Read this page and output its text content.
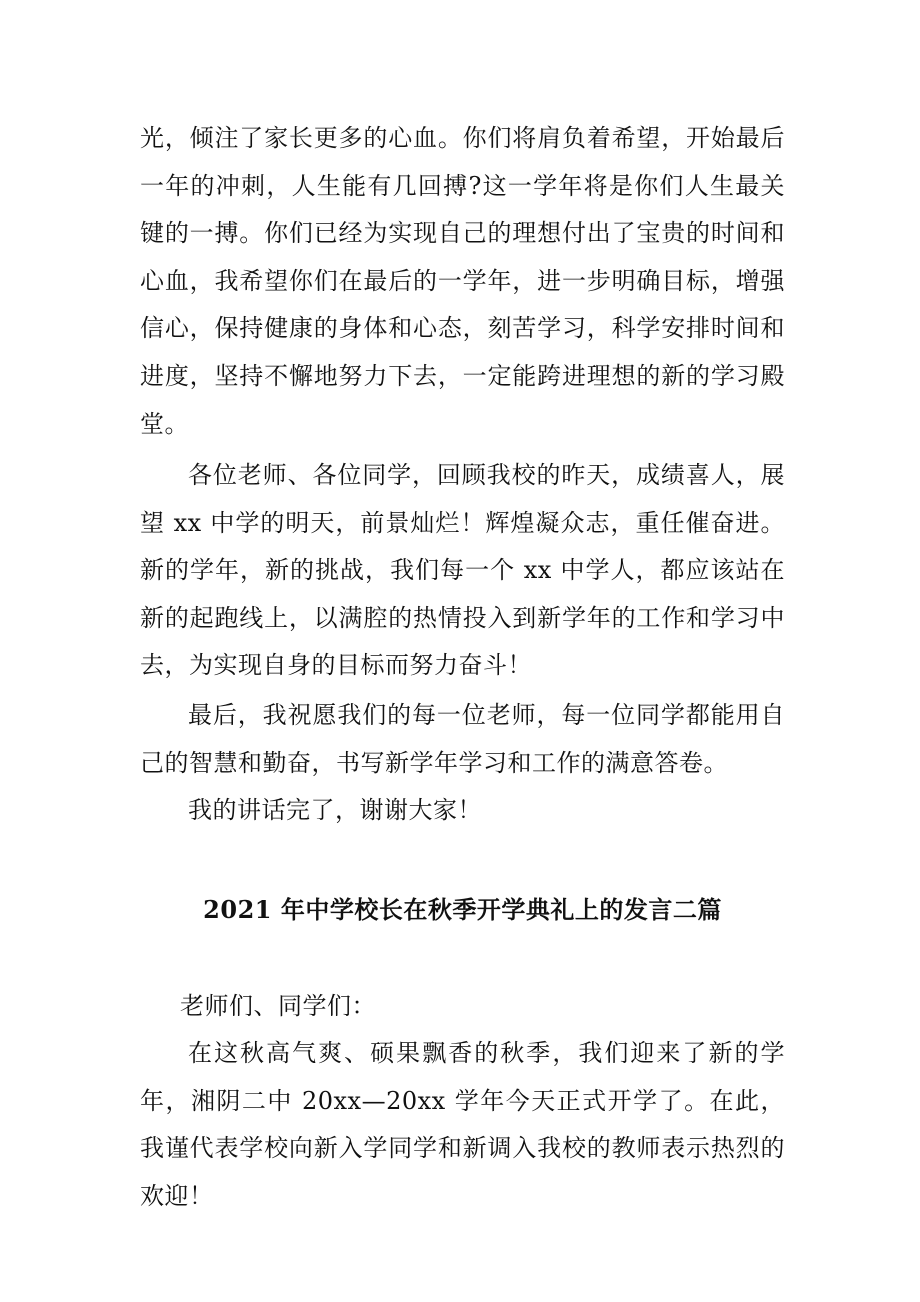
光，倾注了家长更多的心血。你们将肩负着希望，开始最后一年的冲刺，人生能有几回搏?这一学年将是你们人生最关键的一搏。你们已经为实现自己的理想付出了宝贵的时间和心血，我希望你们在最后的一学年，进一步明确目标，增强信心，保持健康的身体和心态，刻苦学习，科学安排时间和进度，坚持不懈地努力下去，一定能跨进理想的新的学习殿堂。

各位老师、各位同学，回顾我校的昨天，成绩喜人，展望 xx 中学的明天，前景灿烂！辉煌凝众志，重任催奋进。新的学年，新的挑战，我们每一个 xx 中学人，都应该站在新的起跑线上，以满腔的热情投入到新学年的工作和学习中去，为实现自身的目标而努力奋斗！

最后，我祝愿我们的每一位老师，每一位同学都能用自己的智慧和勤奋，书写新学年学习和工作的满意答卷。

我的讲话完了，谢谢大家！

2021 年中学校长在秋季开学典礼上的发言二篇

老师们、同学们：

在这秋高气爽、硕果飘香的秋季，我们迎来了新的学年，湘阴二中 20xx—20xx 学年今天正式开学了。在此，我谨代表学校向新入学同学和新调入我校的教师表示热烈的欢迎！
